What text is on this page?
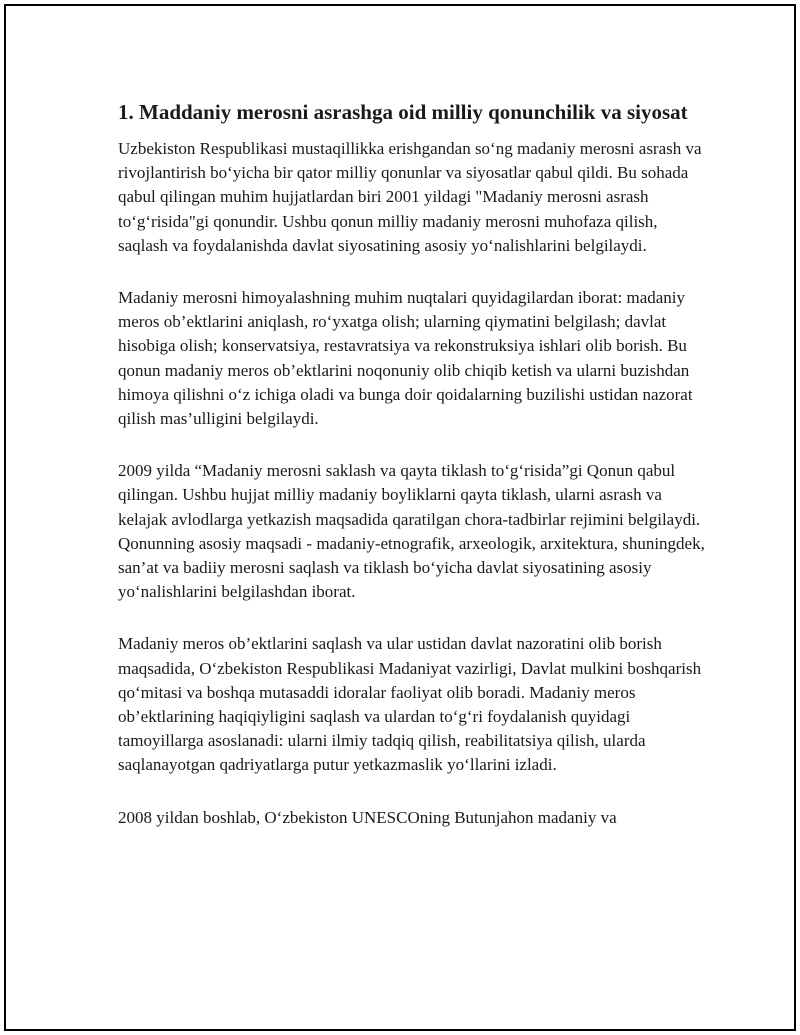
1. Maddaniy merosni asrashga oid milliy qonunchilik va siyosat

Uzbekiston Respublikasi mustaqillikka erishgandan so‘ng madaniy merosni asrash va rivojlantirish bo‘yicha bir qator milliy qonunlar va siyosatlar qabul qildi. Bu sohada qabul qilingan muhim hujjatlardan biri 2001 yildagi "Madaniy merosni asrash to‘g‘risida"gi qonundir. Ushbu qonun milliy madaniy merosni muhofaza qilish, saqlash va foydalanishda davlat siyosatining asosiy yo‘nalishlarini belgilaydi.

Madaniy merosni himoyalashning muhim nuqtalari quyidagilardan iborat: madaniy meros ob’ektlarini aniqlash, ro‘yxatga olish; ularning qiymatini belgilash; davlat hisobiga olish; konservatsiya, restavratsiya va rekonstruksiya ishlari olib borish. Bu qonun madaniy meros ob’ektlarini noqonuniy olib chiqib ketish va ularni buzishdan himoya qilishni o‘z ichiga oladi va bunga doir qoidalarning buzilishi ustidan nazorat qilish mas’ulligini belgilaydi.

2009 yilda “Madaniy merosni saklash va qayta tiklash to‘g‘risida”gi Qonun qabul qilingan. Ushbu hujjat milliy madaniy boyliklarni qayta tiklash, ularni asrash va kelajak avlodlarga yetkazish maqsadida qaratilgan chora-tadbirlar rejimini belgilaydi. Qonunning asosiy maqsadi - madaniy-etnografik, arxeologik, arxitektura, shuningdek, san’at va badiiy merosni saqlash va tiklash bo‘yicha davlat siyosatining asosiy yo‘nalishlarini belgilashdan iborat.

Madaniy meros ob’ektlarini saqlash va ular ustidan davlat nazoratini olib borish maqsadida, O‘zbekiston Respublikasi Madaniyat vazirligi, Davlat mulkini boshqarish qo‘mitasi va boshqa mutasaddi idoralar faoliyat olib boradi. Madaniy meros ob’ektlarining haqiqiyligini saqlash va ulardan to‘g‘ri foydalanish quyidagi tamoyillarga asoslanadi: ularni ilmiy tadqiq qilish, reabilitatsiya qilish, ularda saqlanayotgan qadriyatlarga putur yetkazmaslik yo‘llarini izladi.

2008 yildan boshlab, O‘zbekiston UNESCOning Butunjahon madaniy va
